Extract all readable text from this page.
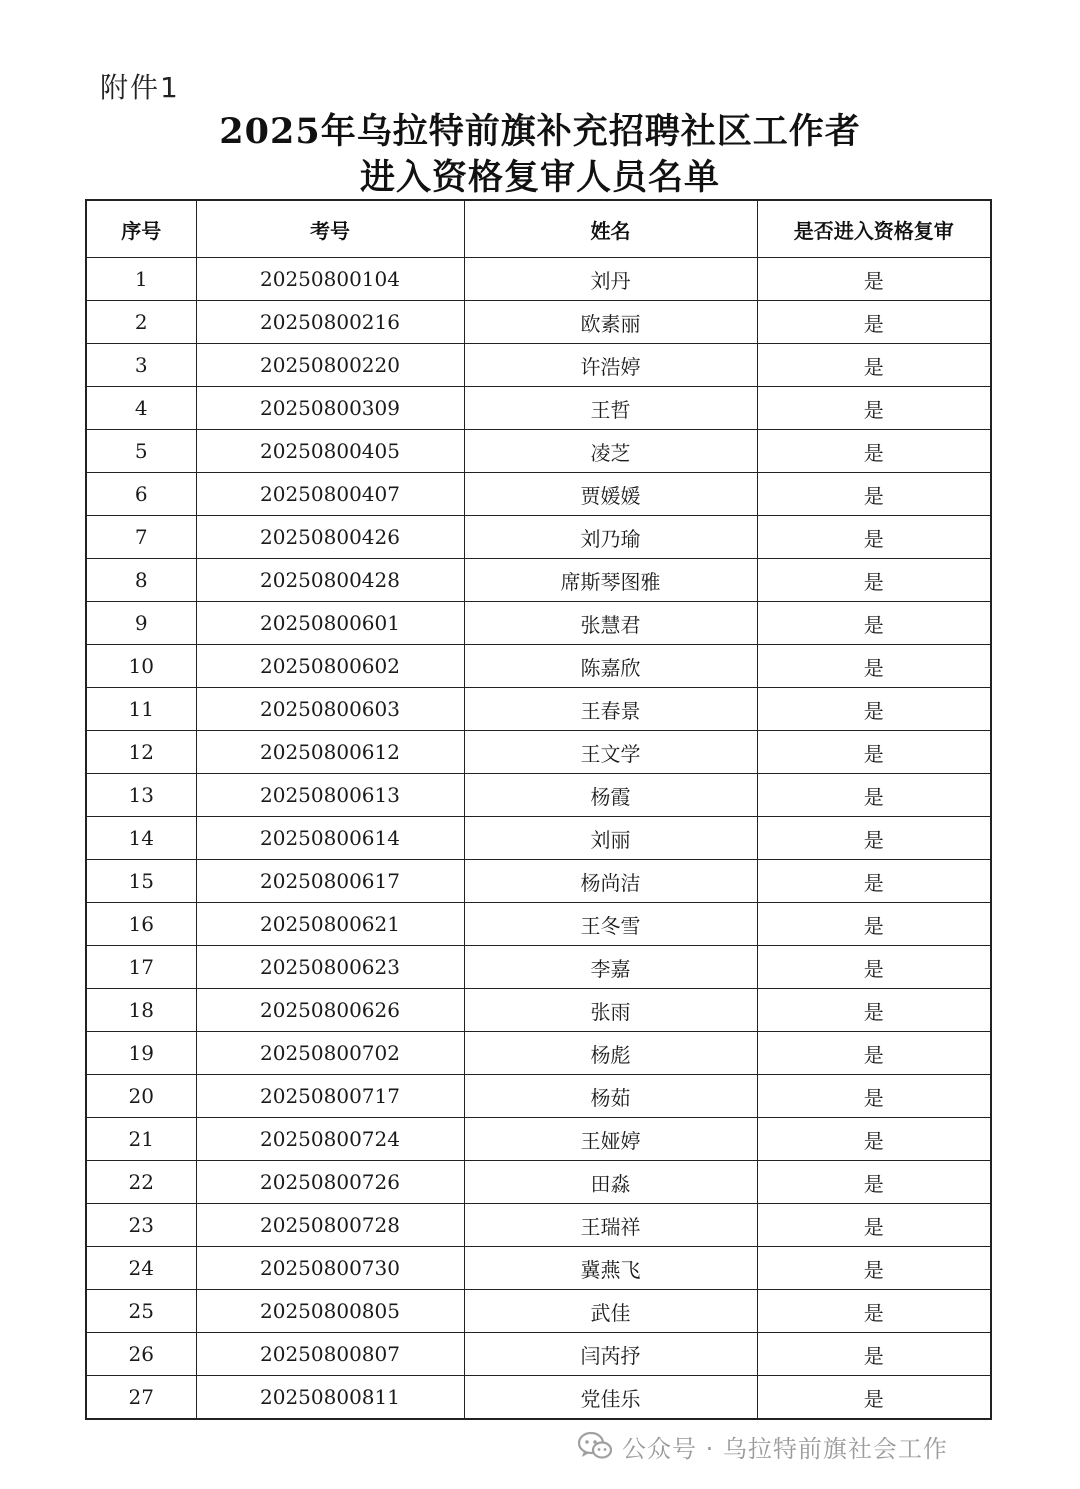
附件1
2025年乌拉特前旗补充招聘社区工作者
进入资格复审人员名单
序号	考号	姓名	是否进入资格复审
1	20250800104	刘丹	是
2	20250800216	欧素丽	是
3	20250800220	许浩婷	是
4	20250800309	王哲	是
5	20250800405	凌芝	是
6	20250800407	贾媛媛	是
7	20250800426	刘乃瑜	是
8	20250800428	席斯琴图雅	是
9	20250800601	张慧君	是
10	20250800602	陈嘉欣	是
11	20250800603	王春景	是
12	20250800612	王文学	是
13	20250800613	杨霞	是
14	20250800614	刘丽	是
15	20250800617	杨尚洁	是
16	20250800621	王冬雪	是
17	20250800623	李嘉	是
18	20250800626	张雨	是
19	20250800702	杨彪	是
20	20250800717	杨茹	是
21	20250800724	王娅婷	是
22	20250800726	田淼	是
23	20250800728	王瑞祥	是
24	20250800730	冀燕飞	是
25	20250800805	武佳	是
26	20250800807	闫芮抒	是
27	20250800811	党佳乐	是
公众号 · 乌拉特前旗社会工作
